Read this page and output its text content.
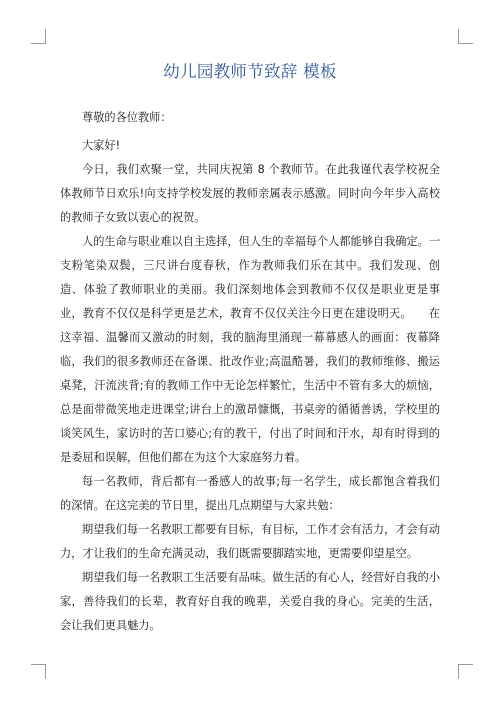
幼儿园教师节致辞 模板

尊敬的各位教师：

大家好!

今日，我们欢聚一堂，共同庆祝第 8 个教师节。在此我谨代表学校祝全体教师节日欢乐!向支持学校发展的教师亲属表示感激。同时向今年步入高校的教师子女致以衷心的祝贺。

人的生命与职业难以自主选择，但人生的幸福每个人都能够自我确定。一支粉笔染双鬓，三尺讲台度春秋，作为教师我们乐在其中。我们发现、创造、体验了教师职业的美丽。我们深刻地体会到教师不仅仅是职业更是事业，教育不仅仅是科学更是艺术，教育不仅仅关注今日更在建设明天。　　在这幸福、温馨而又激动的时刻，我的脑海里涌现一幕幕感人的画面：夜幕降临，我们的很多教师还在备课、批改作业;高温酷暑，我们的教师维修、搬运桌凳，汗流浃背;有的教师工作中无论怎样繁忙，生活中不管有多大的烦恼，总是面带微笑地走进课堂;讲台上的激昂慷慨，书桌旁的循循善诱，学校里的谈笑风生，家访时的苦口婆心;有的教干，付出了时间和汗水，却有时得到的是委屈和误解，但他们都在为这个大家庭努力着。

每一名教师，背后都有一番感人的故事;每一名学生，成长都饱含着我们的深情。在这完美的节日里，提出几点期望与大家共勉：

期望我们每一名教职工都要有目标，有目标，工作才会有活力，才会有动力，才让我们的生命充满灵动，我们既需要脚踏实地，更需要仰望星空。

期望我们每一名教职工生活要有品味。做生活的有心人，经营好自我的小家，善待我们的长辈，教育好自我的晚辈，关爱自我的身心。完美的生活，会让我们更具魅力。
